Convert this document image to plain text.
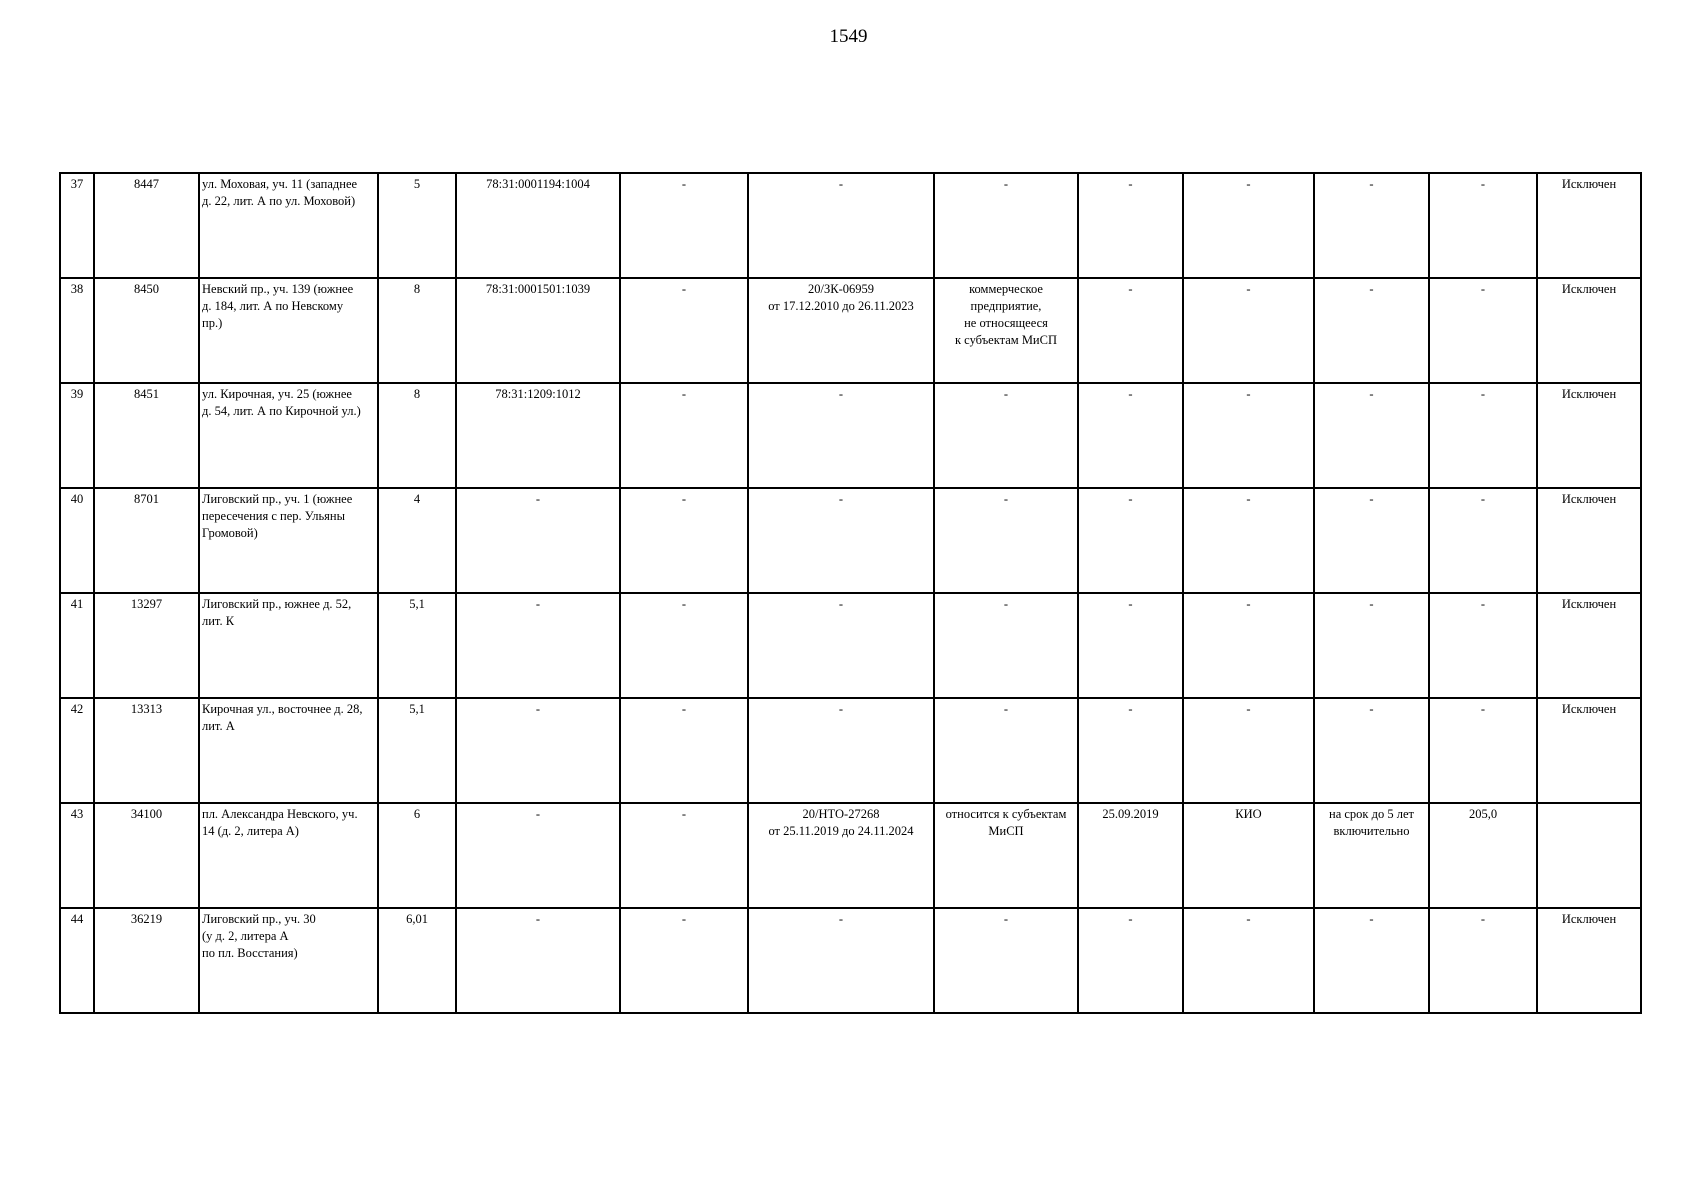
1549
37	8447	ул. Моховая, уч. 11 (западнее
д. 22, лит. А по ул. Моховой)	5	78:31:0001194:1004	-	-	-	-	-	-	-	Исключен
38	8450	Невский пр., уч. 139 (южнее
д. 184, лит. А по Невскому
пр.)	8	78:31:0001501:1039	-	20/ЗК-06959
от 17.12.2010 до 26.11.2023	коммерческое
предприятие,
не относящееся
к субъектам МиСП	-	-	-	-	Исключен
39	8451	ул. Кирочная, уч. 25 (южнее
д. 54, лит. А по Кирочной ул.)	8	78:31:1209:1012	-	-	-	-	-	-	-	Исключен
40	8701	Лиговский пр., уч. 1 (южнее
пересечения с пер. Ульяны
Громовой)	4	-	-	-	-	-	-	-	-	Исключен
41	13297	Лиговский пр., южнее д. 52,
лит. К	5,1	-	-	-	-	-	-	-	-	Исключен
42	13313	Кирочная ул., восточнее д. 28,
лит. А	5,1	-	-	-	-	-	-	-	-	Исключен
43	34100	пл. Александра Невского, уч.
14 (д. 2, литера А)	6	-	-	20/НТО-27268
от 25.11.2019 до 24.11.2024	относится к субъектам
МиСП	25.09.2019	КИО	на срок до 5 лет
включительно	205,0	
44	36219	Лиговский пр., уч. 30
(у д. 2, литера А
по пл. Восстания)	6,01	-	-	-	-	-	-	-	-	Исключен
